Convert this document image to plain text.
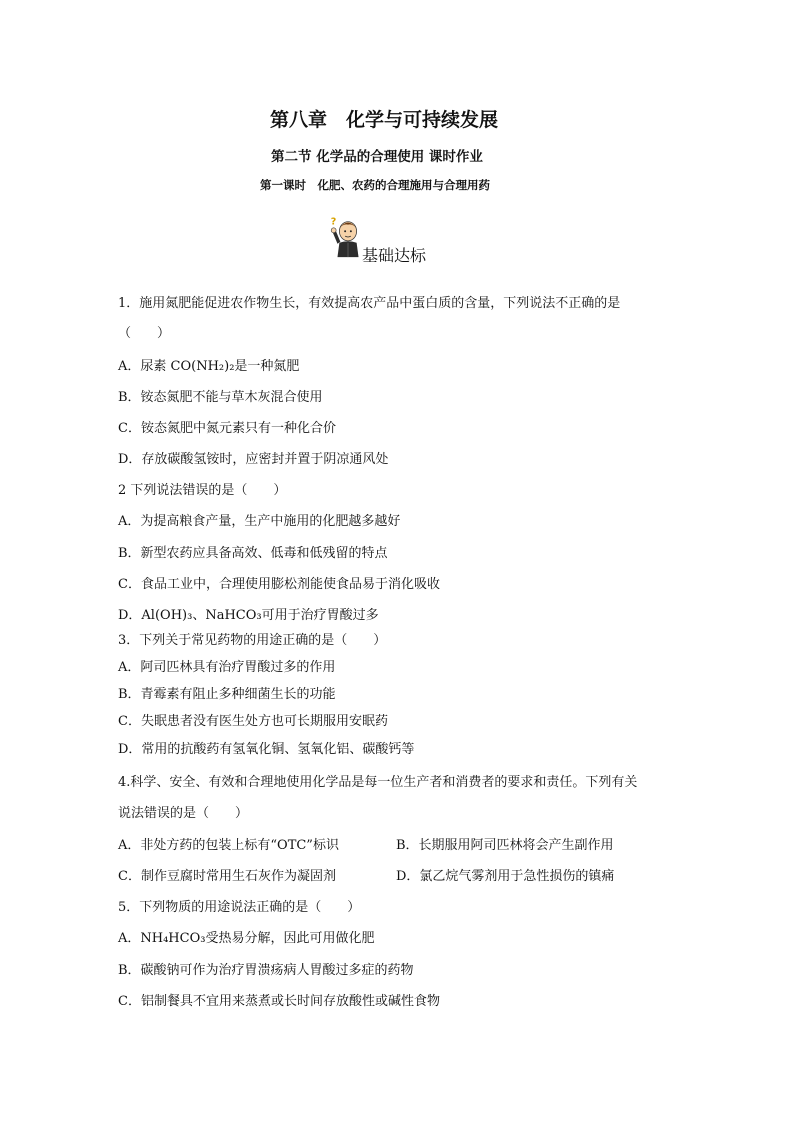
第八章　化学与可持续发展
第二节 化学品的合理使用 课时作业
第一课时　化肥、农药的合理施用与合理用药
?
基础达标
1．施用氮肥能促进农作物生长，有效提高农产品中蛋白质的含量，下列说法不正确的是
（　　）
A．尿素 CO(NH₂)₂是一种氮肥
B．铵态氮肥不能与草木灰混合使用
C．铵态氮肥中氮元素只有一种化合价
D．存放碳酸氢铵时，应密封并置于阴凉通风处
2 下列说法错误的是（　　）
A．为提高粮食产量，生产中施用的化肥越多越好
B．新型农药应具备高效、低毒和低残留的特点
C．食品工业中，合理使用膨松剂能使食品易于消化吸收
D．Al(OH)₃、NaHCO₃可用于治疗胃酸过多
3．下列关于常见药物的用途正确的是（　　）
A．阿司匹林具有治疗胃酸过多的作用
B．青霉素有阻止多种细菌生长的功能
C．失眠患者没有医生处方也可长期服用安眠药
D．常用的抗酸药有氢氧化铜、氢氧化铝、碳酸钙等
4.科学、安全、有效和合理地使用化学品是每一位生产者和消费者的要求和责任。下列有关
说法错误的是（　　）
A．非处方药的包装上标有“OTC”标识	B．长期服用阿司匹林将会产生副作用
C．制作豆腐时常用生石灰作为凝固剂	D．氯乙烷气雾剂用于急性损伤的镇痛
5．下列物质的用途说法正确的是（　　）
A．NH₄HCO₃受热易分解，因此可用做化肥
B．碳酸钠可作为治疗胃溃疡病人胃酸过多症的药物
C．铝制餐具不宜用来蒸煮或长时间存放酸性或碱性食物
